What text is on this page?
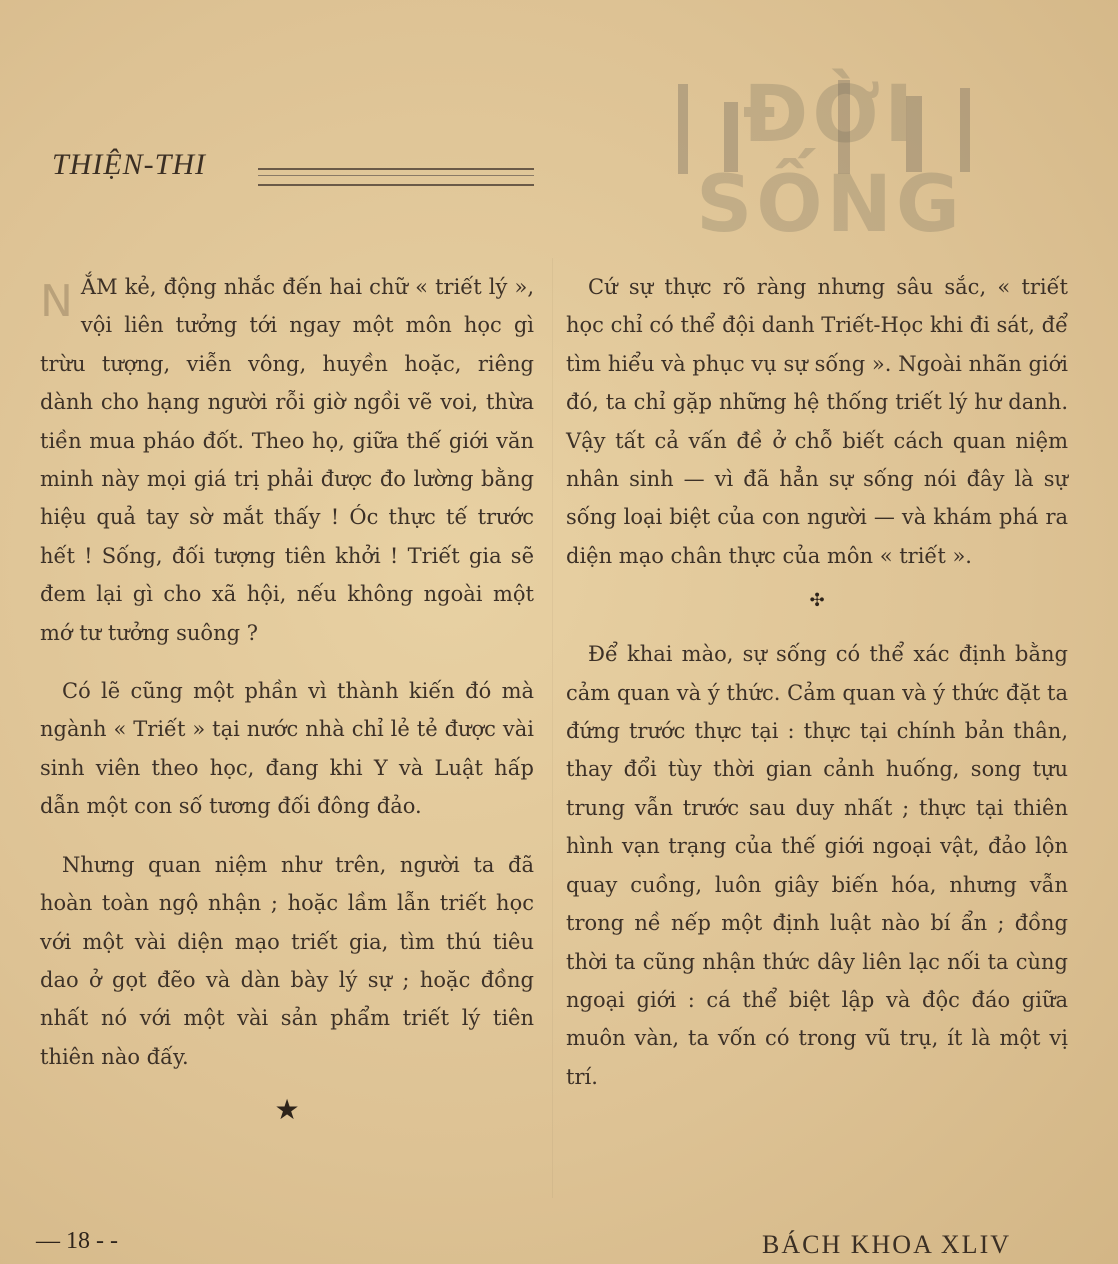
ĐỜI SỐNG
THIỆN-THI
N ẮM kẻ, động nhắc đến hai chữ « triết lý », vội liên tưởng tới ngay một môn học gì trừu tượng, viễn vông, huyền hoặc, riêng dành cho hạng người rỗi giờ ngồi vẽ voi, thừa tiền mua pháo đốt. Theo họ, giữa thế giới văn minh này mọi giá trị phải được đo lường bằng hiệu quả tay sờ mắt thấy ! Óc thực tế trước hết ! Sống, đối tượng tiên khởi ! Triết gia sẽ đem lại gì cho xã hội, nếu không ngoài một mớ tư tưởng suông ?

Có lẽ cũng một phần vì thành kiến đó mà ngành « Triết » tại nước nhà chỉ lẻ tẻ được vài sinh viên theo học, đang khi Y và Luật hấp dẫn một con số tương đối đông đảo.

Nhưng quan niệm như trên, người ta đã hoàn toàn ngộ nhận ; hoặc lầm lẫn triết học với một vài diện mạo triết gia, tìm thú tiêu dao ở gọt đẽo và dàn bày lý sự ; hoặc đồng nhất nó với một vài sản phẩm triết lý tiên thiên nào đấy.

★

Cứ sự thực rõ ràng nhưng sâu sắc, « triết học chỉ có thể đội danh Triết-Học khi đi sát, để tìm hiểu và phục vụ sự sống ». Ngoài nhãn giới đó, ta chỉ gặp những hệ thống triết lý hư danh. Vậy tất cả vấn đề ở chỗ biết cách quan niệm nhân sinh — vì đã hẳn sự sống nói đây là sự sống loại biệt của con người — và khám phá ra diện mạo chân thực của môn « triết ».

✣

Để khai mào, sự sống có thể xác định bằng cảm quan và ý thức. Cảm quan và ý thức đặt ta đứng trước thực tại : thực tại chính bản thân, thay đổi tùy thời gian cảnh huống, song tựu trung vẫn trước sau duy nhất ; thực tại thiên hình vạn trạng của thế giới ngoại vật, đảo lộn quay cuồng, luôn giây biến hóa, nhưng vẫn trong nề nếp một định luật nào bí ẩn ; đồng thời ta cũng nhận thức dây liên lạc nối ta cùng ngoại giới : cá thể biệt lập và độc đáo giữa muôn vàn, ta vốn có trong vũ trụ, ít là một vị trí.

— 18 - -	BÁCH KHOA XLIV
